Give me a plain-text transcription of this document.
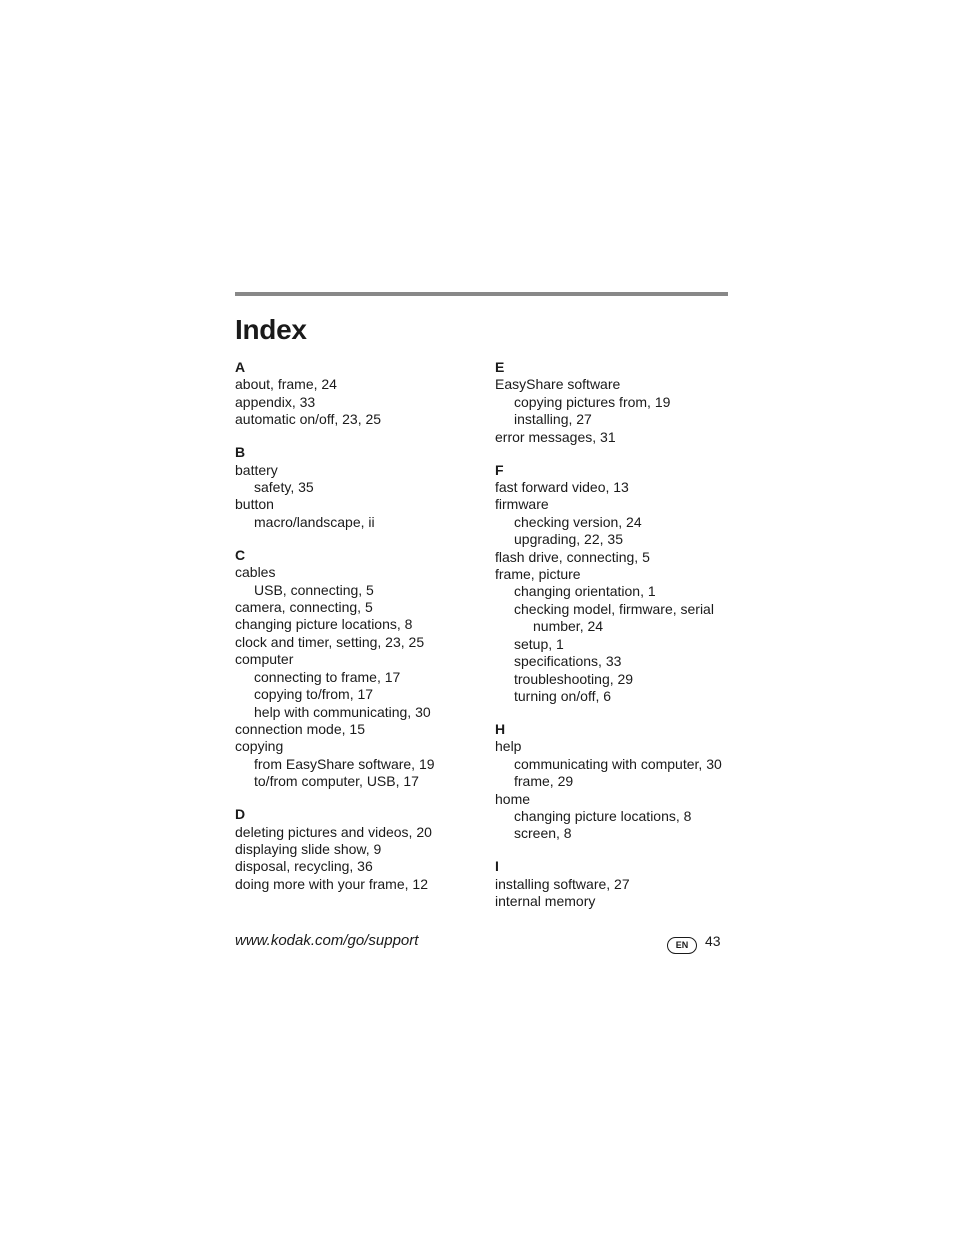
Index
A
about, frame, 24
appendix, 33
automatic on/off, 23, 25
B
battery
safety, 35
button
macro/landscape, ii
C
cables
USB, connecting, 5
camera, connecting, 5
changing picture locations, 8
clock and timer, setting, 23, 25
computer
connecting to frame, 17
copying to/from, 17
help with communicating, 30
connection mode, 15
copying
from EasyShare software, 19
to/from computer, USB, 17
D
deleting pictures and videos, 20
displaying slide show, 9
disposal, recycling, 36
doing more with your frame, 12
E
EasyShare software
copying pictures from, 19
installing, 27
error messages, 31
F
fast forward video, 13
firmware
checking version, 24
upgrading, 22, 35
flash drive, connecting, 5
frame, picture
changing orientation, 1
checking model, firmware, serial
number, 24
setup, 1
specifications, 33
troubleshooting, 29
turning on/off, 6
H
help
communicating with computer, 30
frame, 29
home
changing picture locations, 8
screen, 8
I
installing software, 27
internal memory
www.kodak.com/go/support	EN	43
